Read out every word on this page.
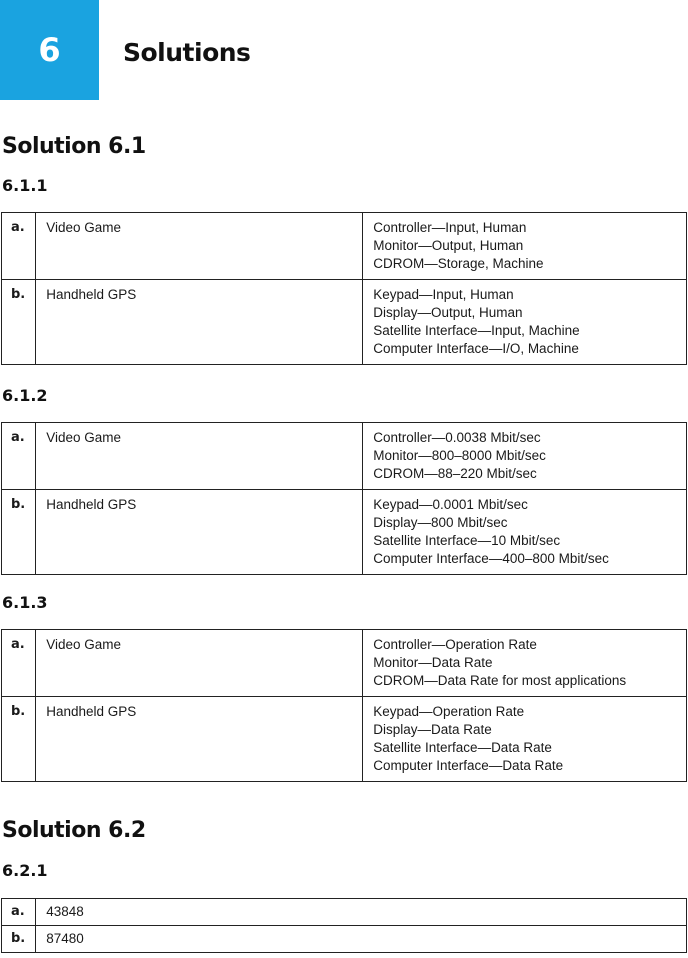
6 Solutions
Solution 6.1
6.1.1
a.	Video Game	Controller—Input, Human
Monitor—Output, Human
CDROM—Storage, Machine

b.	Handheld GPS	Keypad—Input, Human
Display—Output, Human
Satellite Interface—Input, Machine
Computer Interface—I/O, Machine
6.1.2
a.	Video Game	Controller—0.0038 Mbit/sec
Monitor—800–8000 Mbit/sec
CDROM—88–220 Mbit/sec

b.	Handheld GPS	Keypad—0.0001 Mbit/sec
Display—800 Mbit/sec
Satellite Interface—10 Mbit/sec
Computer Interface—400–800 Mbit/sec
6.1.3
a.	Video Game	Controller—Operation Rate
Monitor—Data Rate
CDROM—Data Rate for most applications

b.	Handheld GPS	Keypad—Operation Rate
Display—Data Rate
Satellite Interface—Data Rate
Computer Interface—Data Rate
Solution 6.2
6.2.1
a.	43848
b.	87480
